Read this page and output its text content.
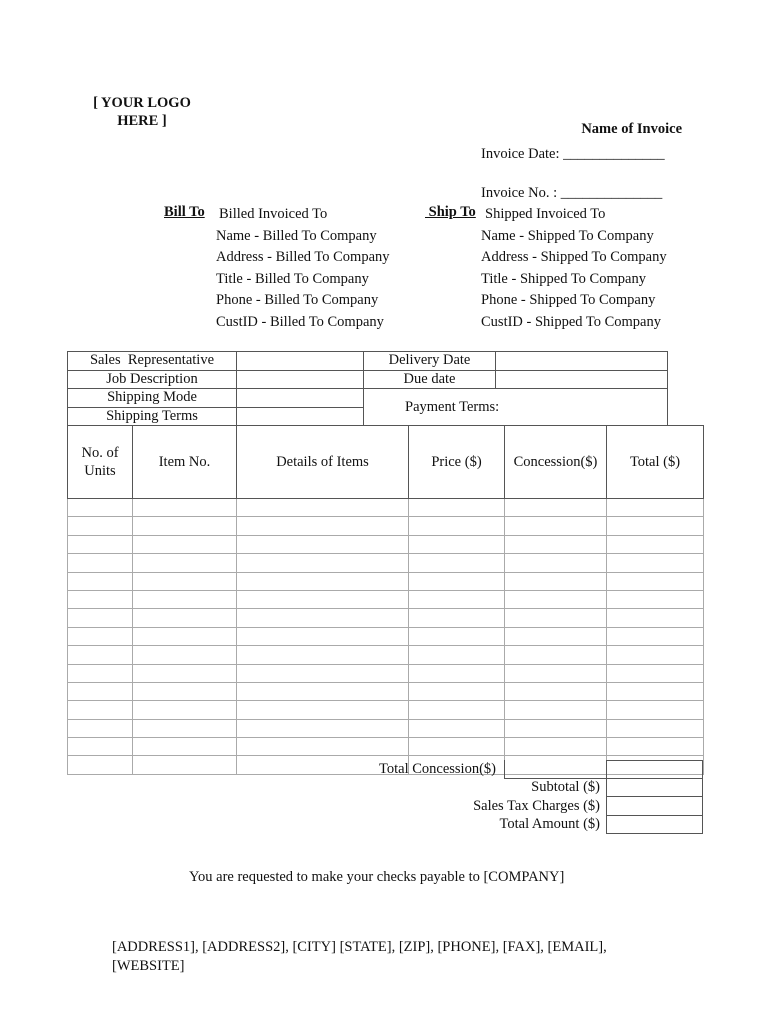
[ YOUR LOGO
HERE ]	Name of Invoice
Invoice Date: ______________
Invoice No. : ______________
Bill To Billed Invoiced To
Name - Billed To Company
Address - Billed To Company
Title - Billed To Company
Phone - Billed To Company
CustID - Billed To Company
Ship To Shipped Invoiced To
Name - Shipped To Company
Address - Shipped To Company
Title - Shipped To Company
Phone - Shipped To Company
CustID - Shipped To Company
Sales  Representative		Delivery Date	
Job Description		Due date	
Shipping Mode		Payment Terms:	
Shipping Terms			
No. of Units	Item No.	Details of Items	Price ($)	Concession($)	Total ($)

Total Concession($)
Subtotal ($)
Sales Tax Charges ($)
Total Amount ($)

You are requested to make your checks payable to [COMPANY]
[ADDRESS1], [ADDRESS2], [CITY] [STATE], [ZIP], [PHONE], [FAX], [EMAIL],
[WEBSITE]
